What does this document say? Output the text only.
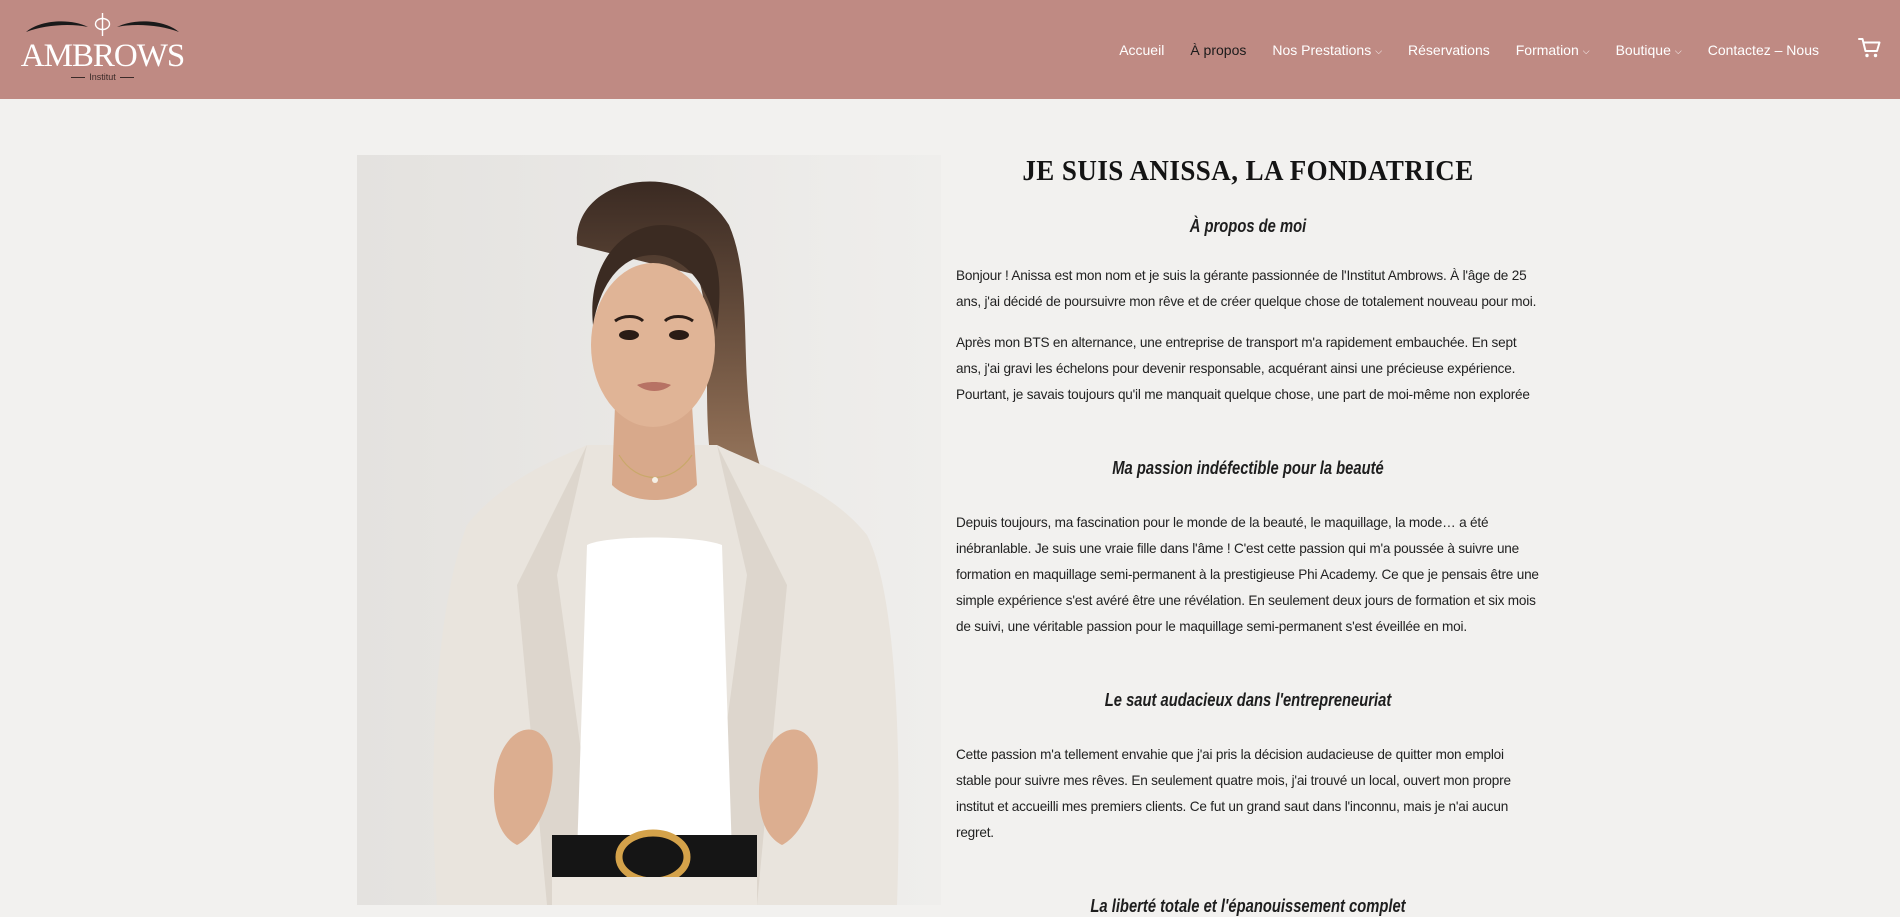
AMBROWS
Institut
Accueil	À propos	Nos Prestations ⌵	Réservations	Formation ⌵	Boutique ⌵	Contactez – Nous
JE SUIS ANISSA, LA FONDATRICE
À propos de moi

Bonjour ! Anissa est mon nom et je suis la gérante passionnée de l'Institut Ambrows. À l'âge de 25 ans, j'ai décidé de poursuivre mon rêve et de créer quelque chose de totalement nouveau pour moi.

Après mon BTS en alternance, une entreprise de transport m'a rapidement embauchée. En sept ans, j'ai gravi les échelons pour devenir responsable, acquérant ainsi une précieuse expérience. Pourtant, je savais toujours qu'il me manquait quelque chose, une part de moi-même non explorée

Ma passion indéfectible pour la beauté

Depuis toujours, ma fascination pour le monde de la beauté, le maquillage, la mode… a été inébranlable. Je suis une vraie fille dans l'âme ! C'est cette passion qui m'a poussée à suivre une formation en maquillage semi-permanent à la prestigieuse Phi Academy. Ce que je pensais être une simple expérience s'est avéré être une révélation. En seulement deux jours de formation et six mois de suivi, une véritable passion pour le maquillage semi-permanent s'est éveillée en moi.

Le saut audacieux dans l'entrepreneuriat

Cette passion m'a tellement envahie que j'ai pris la décision audacieuse de quitter mon emploi stable pour suivre mes rêves. En seulement quatre mois, j'ai trouvé un local, ouvert mon propre institut et accueilli mes premiers clients. Ce fut un grand saut dans l'inconnu, mais je n'ai aucun regret.

La liberté totale et l'épanouissement complet
